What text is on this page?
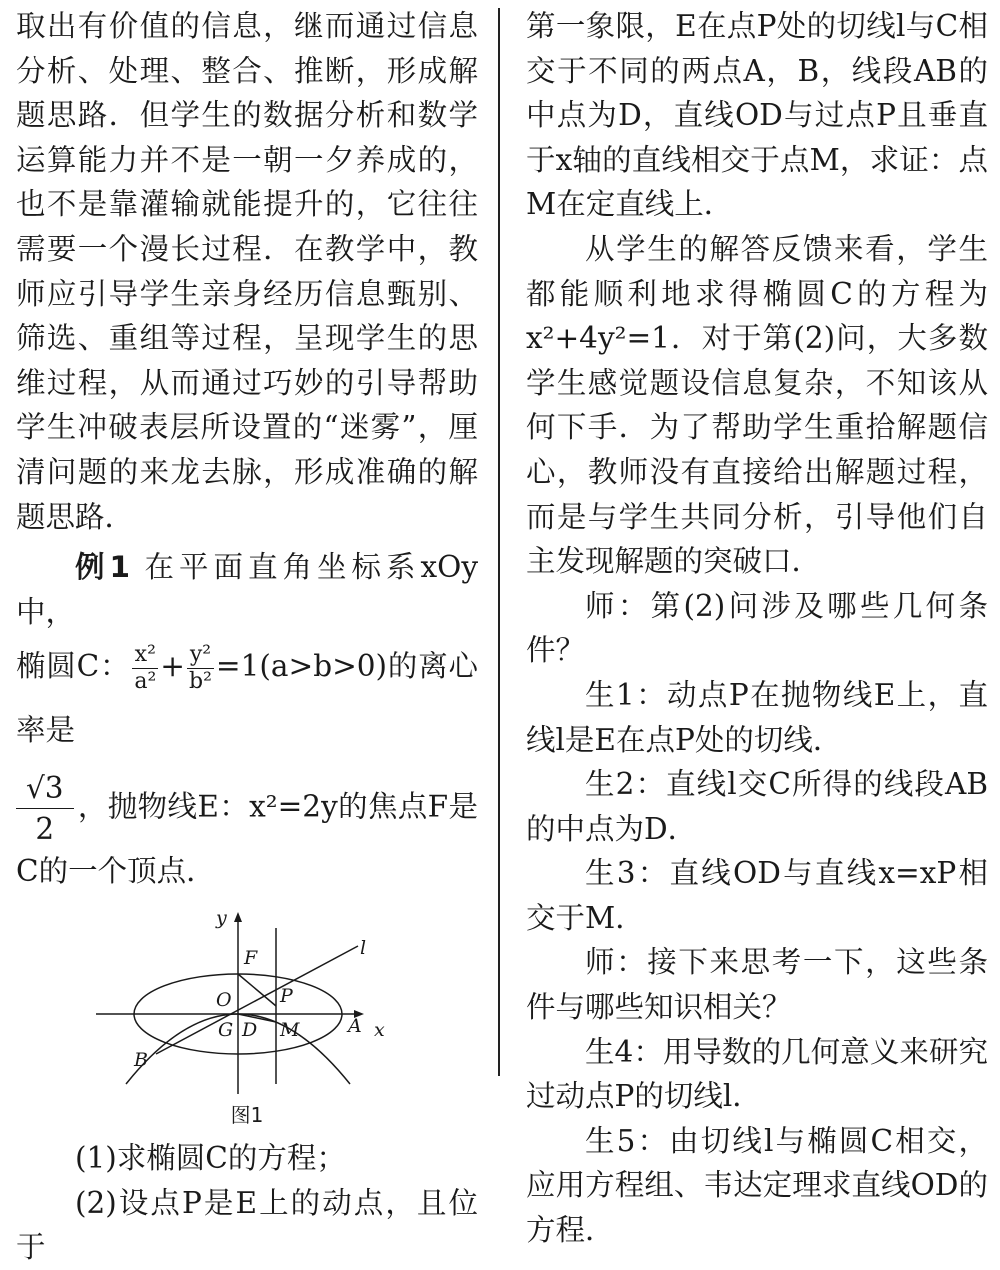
取出有价值的信息，继而通过信息分析、处理、整合、推断，形成解题思路．但学生的数据分析和数学运算能力并不是一朝一夕养成的，也不是靠灌输就能提升的，它往往需要一个漫长过程．在教学中，教师应引导学生亲身经历信息甄别、筛选、重组等过程，呈现学生的思维过程，从而通过巧妙的引导帮助学生冲破表层所设置的“迷雾”，厘清问题的来龙去脉，形成准确的解题思路．

例1 在平面直角坐标系xOy中，

椭圆C： $\frac{\text{x²}}{\text{a²}} + \frac{\text{y²}}{\text{b²}} =1(a>b>0)$的离心率是

$\frac{√3}{2}$ ，抛物线E：x²=2y的焦点F是C的一个顶点．

y
F
O	P
l
G D M	A x
B
图1

(1)求椭圆C的方程；

(2)设点P是E上的动点，且位于

第一象限，E在点P处的切线l与C相交于不同的两点A，B，线段AB的中点为D，直线OD与过点P且垂直于x轴的直线相交于点M，求证：点M在定直线上．

从学生的解答反馈来看，学生都能顺利地求得椭圆C的方程为x²+4y²=1．对于第(2)问，大多数学生感觉题设信息复杂，不知该从何下手．为了帮助学生重拾解题信心，教师没有直接给出解题过程，而是与学生共同分析，引导他们自主发现解题的突破口．

师：第(2)问涉及哪些几何条件？

生1：动点P在抛物线E上，直线l是E在点P处的切线．

生2：直线l交C所得的线段AB的中点为D．

生3：直线OD与直线x=xP相交于M．

师：接下来思考一下，这些条件与哪些知识相关？

生4：用导数的几何意义来研究过动点P的切线l．

生5：由切线l与椭圆C相交，应用方程组、韦达定理求直线OD的方程．
